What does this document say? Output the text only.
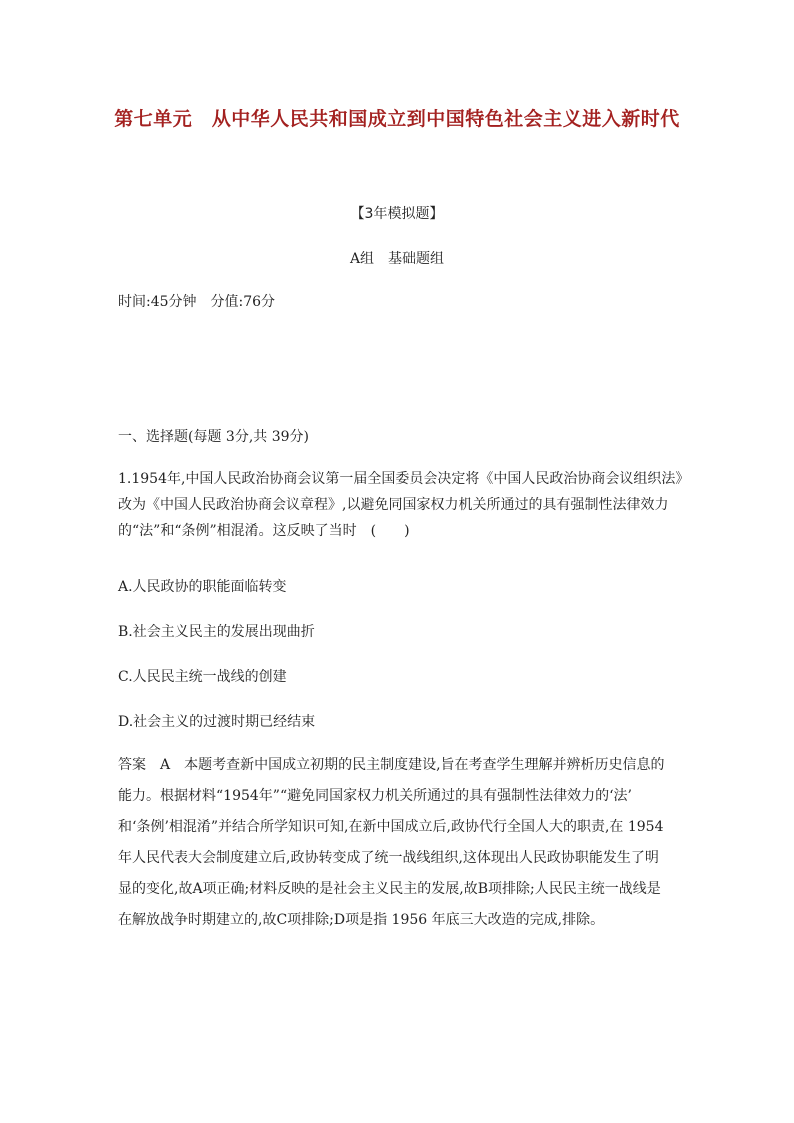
第七单元　从中华人民共和国成立到中国特色社会主义进入新时代
【3年模拟题】
A组　基础题组
时间:45分钟　分值:76分
一、选择题(每题 3分,共 39分)
1.1954年,中国人民政治协商会议第一届全国委员会决定将《中国人民政治协商会议组织法》
改为《中国人民政治协商会议章程》,以避免同国家权力机关所通过的具有强制性法律效力
的“法”和“条例”相混淆。这反映了当时　(　　)
A.人民政协的职能面临转变
B.社会主义民主的发展出现曲折
C.人民民主统一战线的创建
D.社会主义的过渡时期已经结束
答案　A　本题考查新中国成立初期的民主制度建设,旨在考查学生理解并辨析历史信息的
能力。根据材料“1954年”“避免同国家权力机关所通过的具有强制性法律效力的‘法’
和‘条例’相混淆”并结合所学知识可知,在新中国成立后,政协代行全国人大的职责,在 1954
年人民代表大会制度建立后,政协转变成了统一战线组织,这体现出人民政协职能发生了明
显的变化,故A项正确;材料反映的是社会主义民主的发展,故B项排除;人民民主统一战线是
在解放战争时期建立的,故C项排除;D项是指 1956 年底三大改造的完成,排除。
